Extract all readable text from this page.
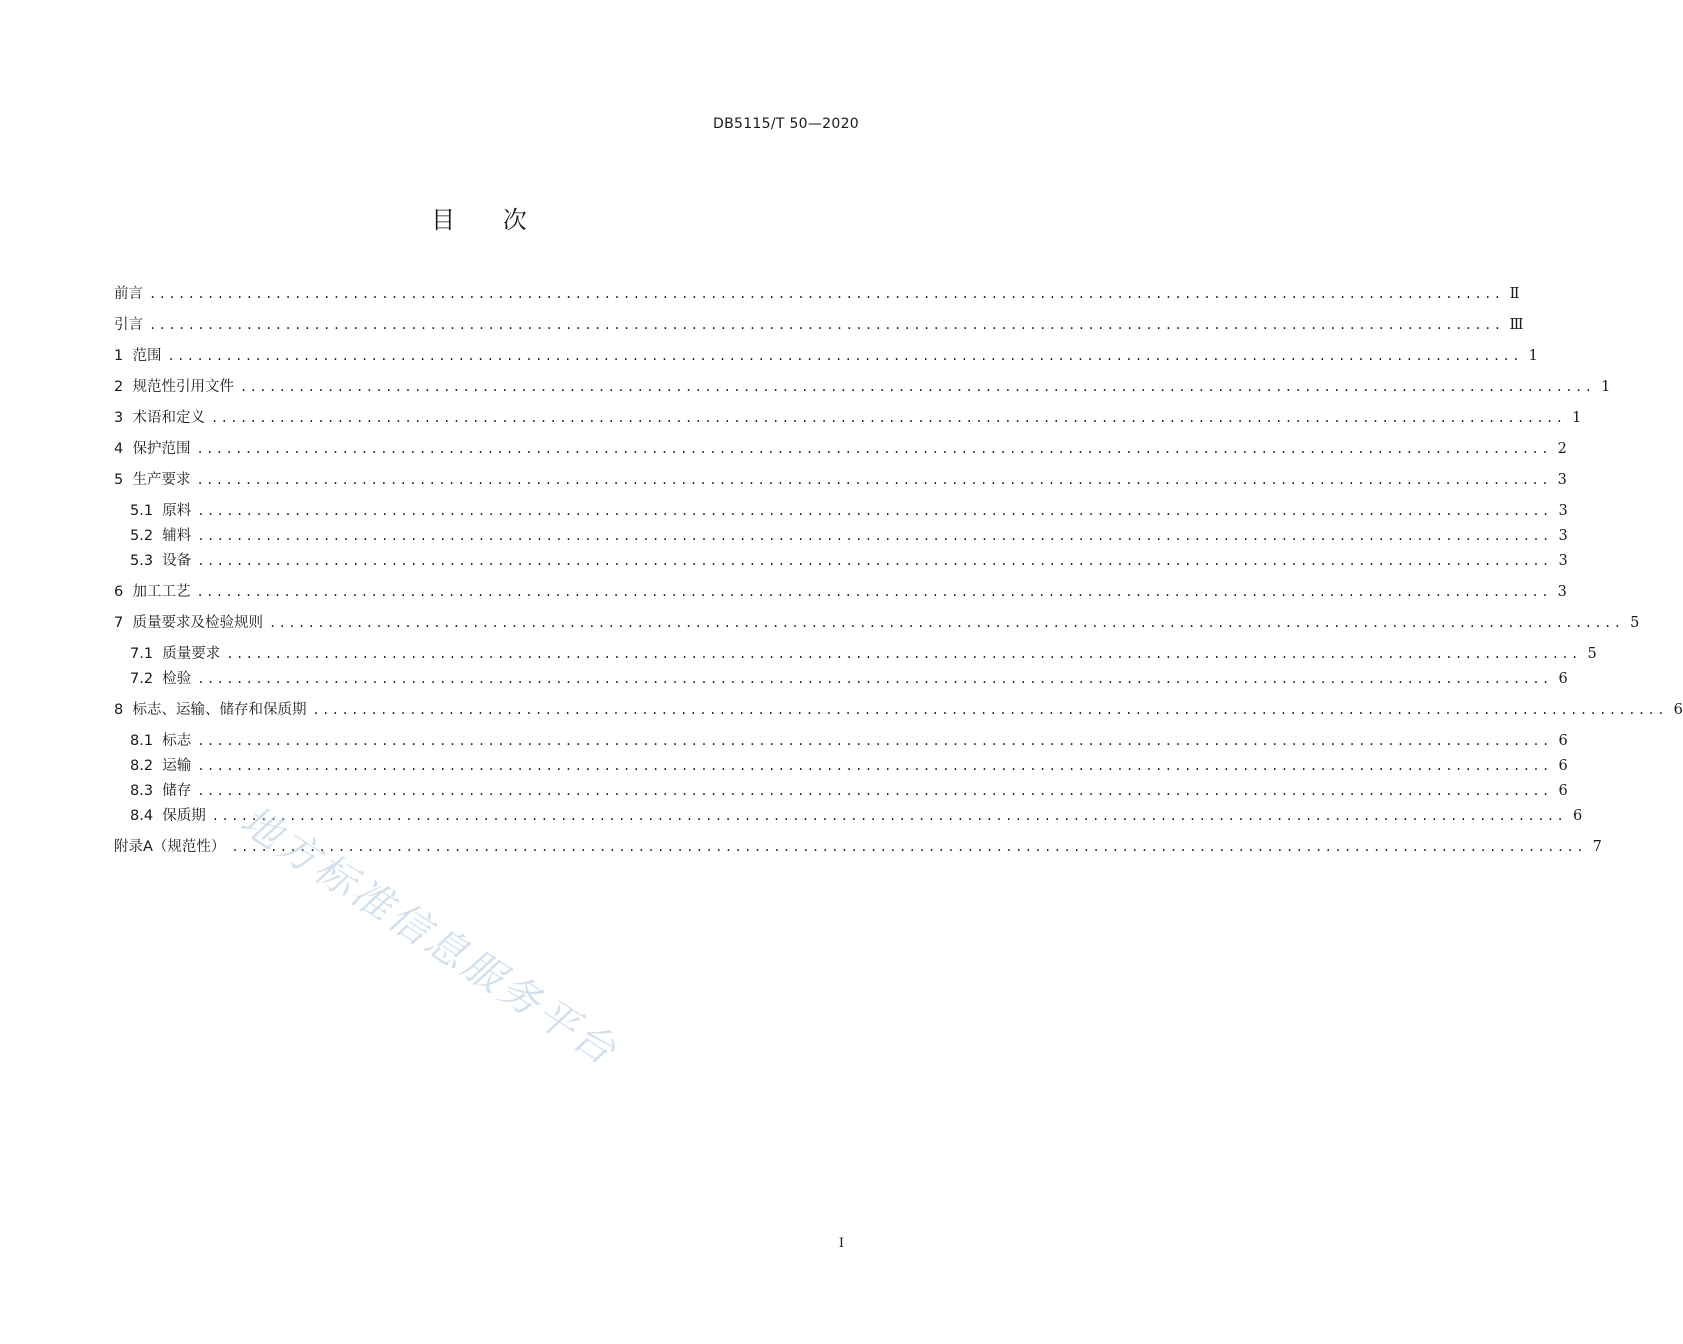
DB5115/T 50—2020
目 次
前言 ............................................................................................................................................ Ⅱ
引言 ............................................................................................................................................ Ⅲ
1  范围 ............................................................................................................................................ 1
2  规范性引用文件 ............................................................................................................................................ 1
3  术语和定义 ............................................................................................................................................ 1
4  保护范围 ............................................................................................................................................ 2
5  生产要求 ............................................................................................................................................ 3
5.1  原料 ............................................................................................................................................ 3
5.2  辅料 ............................................................................................................................................ 3
5.3  设备 ............................................................................................................................................ 3
6  加工工艺 ............................................................................................................................................ 3
7  质量要求及检验规则 ............................................................................................................................................ 5
7.1  质量要求 ............................................................................................................................................ 5
7.2  检验 ............................................................................................................................................ 6
8  标志、运输、储存和保质期 ............................................................................................................................................ 6
8.1  标志 ............................................................................................................................................ 6
8.2  运输 ............................................................................................................................................ 6
8.3  储存 ............................................................................................................................................ 6
8.4  保质期 ............................................................................................................................................ 6
附录A（规范性） ............................................................................................................................................ 7
地方标准信息服务平台
I
